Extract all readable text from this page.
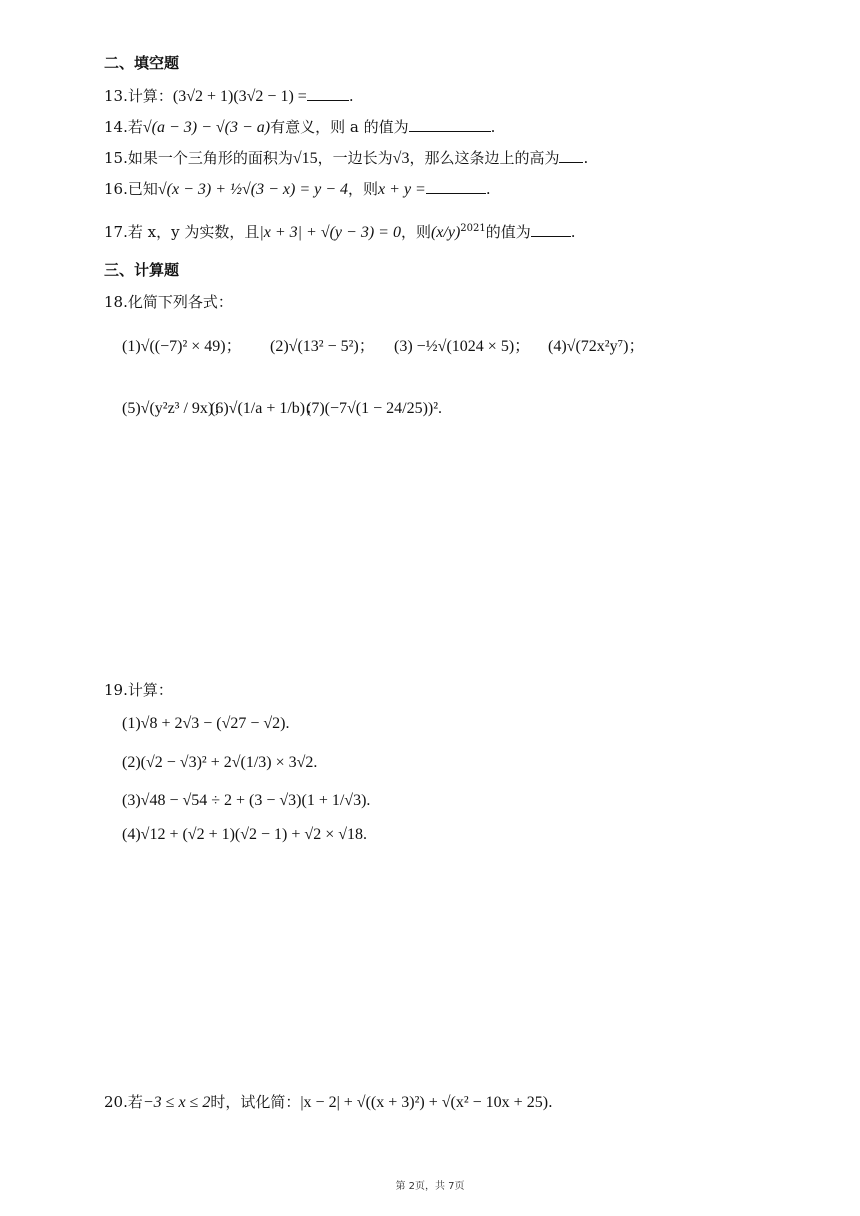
二、填空题
13.计算：(3√2 + 1)(3√2 − 1) =	.
14.若√(a − 3) − √(3 − a)有意义，则 a 的值为	.
15.如果一个三角形的面积为√15，一边长为√3，那么这条边上的高为 .
16.已知√(x − 3) + ½√(3 − x) = y − 4，则x + y =	.
17.若 x，y 为实数，且|x + 3| + √(y − 3) = 0，则$(x/y)^{2021}$的值为	.
三、计算题
18.化简下列各式：
(1)√((−7)² × 49)； (2)√(13² − 5²)； (3) −½√(1024 × 5)； (4)√(72x²y⁷)；
(5)√(y²z³ / 9x)；(6)√(1/a + 1/b)；(7)(−7√(1 − 24/25))².
19.计算：
(1)√8 + 2√3 − (√27 − √2).
(2)(√2 − √3)² + 2√(1/3) × 3√2.
(3)√48 − √54 ÷ 2 + (3 − √3)(1 + 1/√3).
(4)√12 + (√2 + 1)(√2 − 1) + √2 × √18.
20.若−3 ≤ x ≤ 2时，试化简：|x − 2| + √((x + 3)²) + √(x² − 10x + 25).
第 2页，共 7页
